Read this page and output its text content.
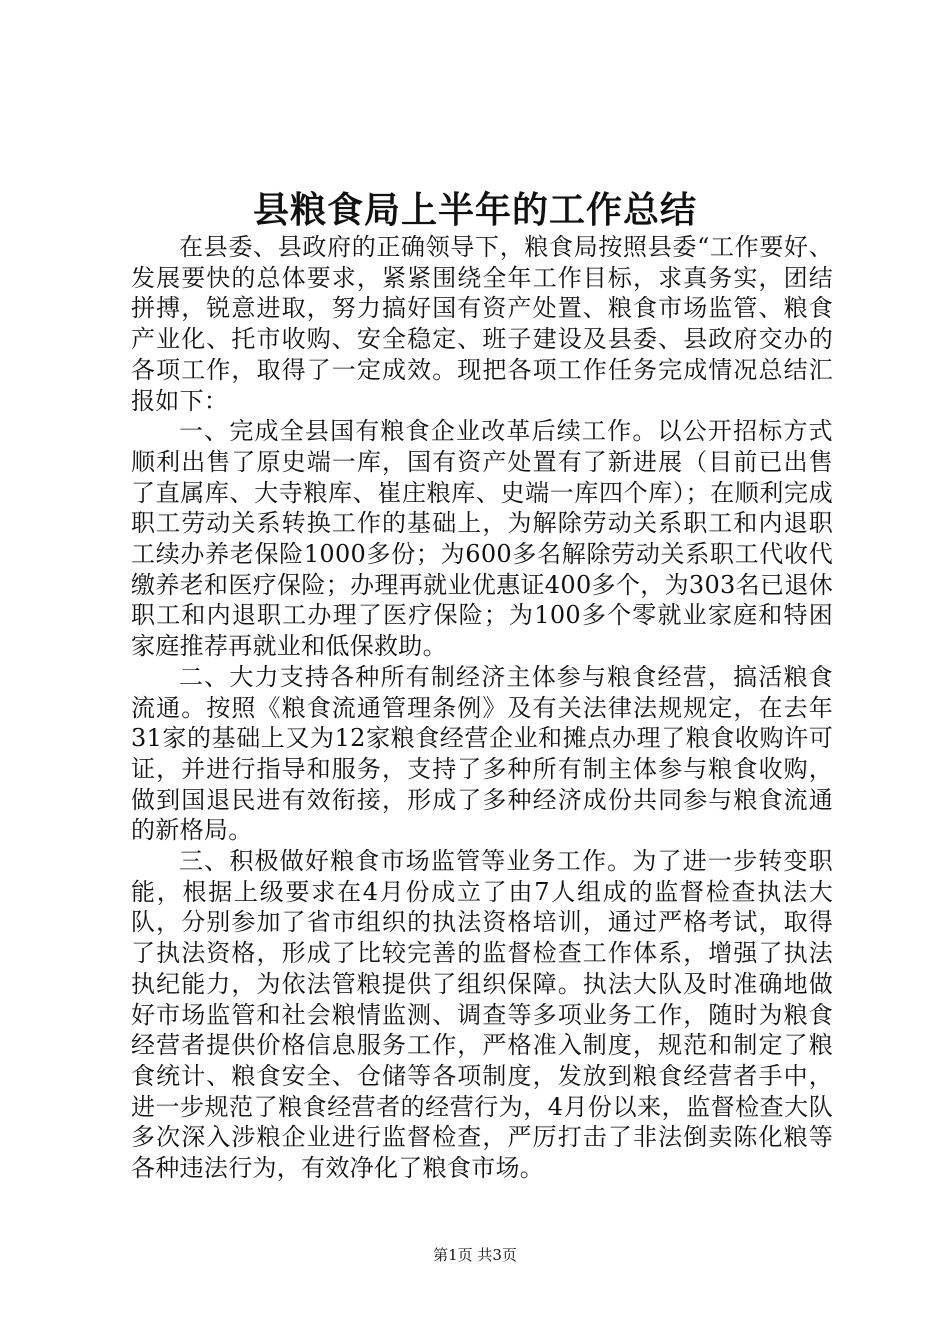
县粮食局上半年的工作总结

在县委、县政府的正确领导下，粮食局按照县委“工作要好、发展要快的总体要求，紧紧围绕全年工作目标，求真务实，团结拼搏，锐意进取，努力搞好国有资产处置、粮食市场监管、粮食产业化、托市收购、安全稳定、班子建设及县委、县政府交办的各项工作，取得了一定成效。现把各项工作任务完成情况总结汇报如下：

一、完成全县国有粮食企业改革后续工作。以公开招标方式顺利出售了原史端一库，国有资产处置有了新进展（目前已出售了直属库、大寺粮库、崔庄粮库、史端一库四个库）；在顺利完成职工劳动关系转换工作的基础上，为解除劳动关系职工和内退职工续办养老保险1000多份；为600多名解除劳动关系职工代收代缴养老和医疗保险；办理再就业优惠证400多个，为303名已退休职工和内退职工办理了医疗保险；为100多个零就业家庭和特困家庭推荐再就业和低保救助。

二、大力支持各种所有制经济主体参与粮食经营，搞活粮食流通。按照《粮食流通管理条例》及有关法律法规规定，在去年31家的基础上又为12家粮食经营企业和摊点办理了粮食收购许可证，并进行指导和服务，支持了多种所有制主体参与粮食收购，做到国退民进有效衔接，形成了多种经济成份共同参与粮食流通的新格局。

三、积极做好粮食市场监管等业务工作。为了进一步转变职能，根据上级要求在4月份成立了由7人组成的监督检查执法大队，分别参加了省市组织的执法资格培训，通过严格考试，取得了执法资格，形成了比较完善的监督检查工作体系，增强了执法执纪能力，为依法管粮提供了组织保障。执法大队及时准确地做好市场监管和社会粮情监测、调查等多项业务工作，随时为粮食经营者提供价格信息服务工作，严格准入制度，规范和制定了粮食统计、粮食安全、仓储等各项制度，发放到粮食经营者手中，进一步规范了粮食经营者的经营行为，4月份以来，监督检查大队多次深入涉粮企业进行监督检查，严厉打击了非法倒卖陈化粮等各种违法行为，有效净化了粮食市场。

第1页 共3页
